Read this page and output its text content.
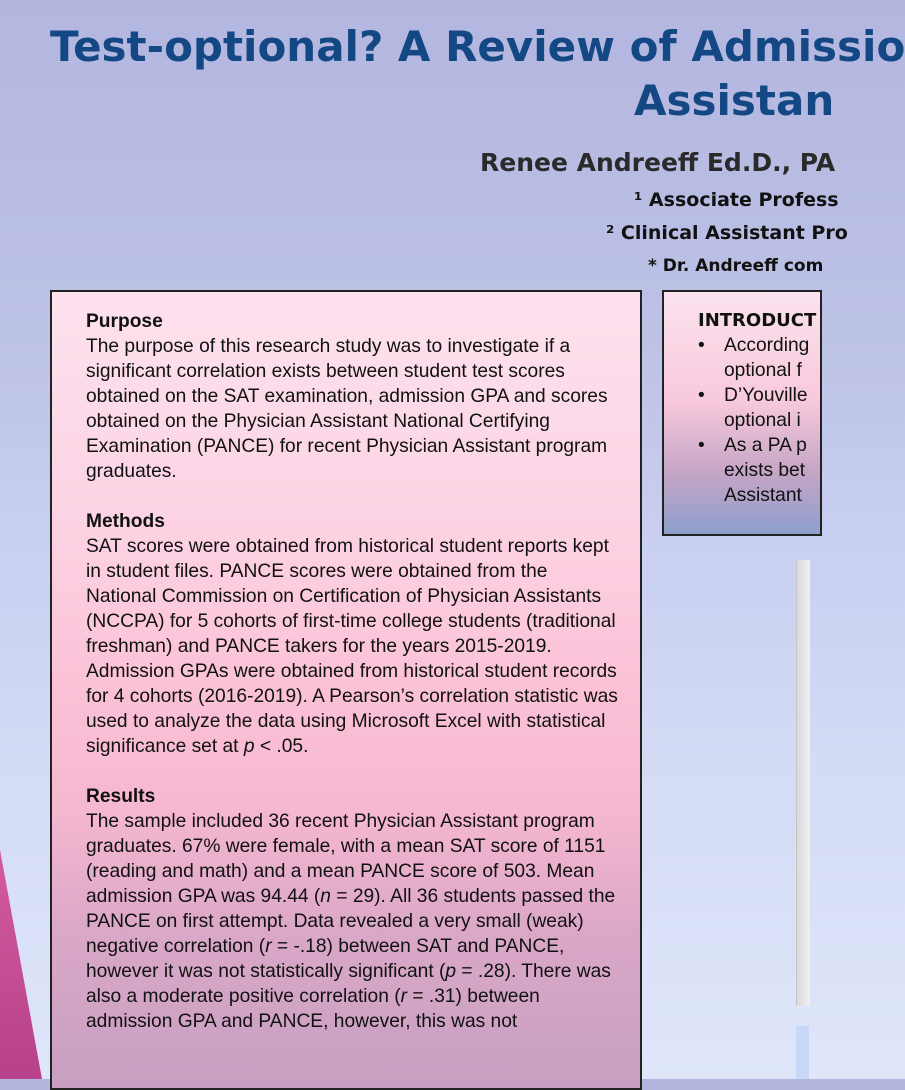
Test-optional? A Review of Admissio
Assistan
Renee Andreeff Ed.D., PA
¹ Associate Profess
² Clinical Assistant Pro
* Dr. Andreeff com

Purpose

The purpose of this research study was to investigate if a significant correlation exists between student test scores obtained on the SAT examination, admission GPA and scores obtained on the Physician Assistant National Certifying Examination (PANCE) for recent Physician Assistant program graduates.

Methods

SAT scores were obtained from historical student reports kept in student files. PANCE scores were obtained from the National Commission on Certification of Physician Assistants (NCCPA) for 5 cohorts of first-time college students (traditional freshman) and PANCE takers for the years 2015-2019. Admission GPAs were obtained from historical student records for 4 cohorts (2016-2019). A Pearson’s correlation statistic was used to analyze the data using Microsoft Excel with statistical significance set at p < .05.

Results

The sample included 36 recent Physician Assistant program graduates. 67% were female, with a mean SAT score of 1151 (reading and math) and a mean PANCE score of 503. Mean admission GPA was 94.44 (n = 29). All 36 students passed the PANCE on first attempt. Data revealed a very small (weak) negative correlation (r = -.18) between SAT and PANCE, however it was not statistically significant (p = .28). There was also a moderate positive correlation (r = .31) between admission GPA and PANCE, however, this was not

INTRODUCT
• According
optional f
• D’Youville
optional i
• As a PA p
exists bet
Assistant
